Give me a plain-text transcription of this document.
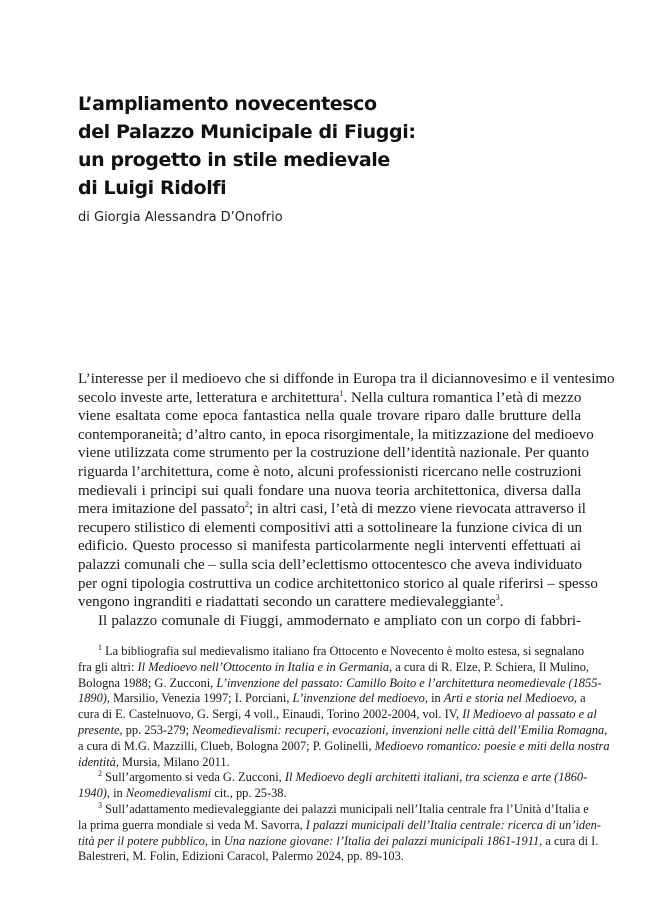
L’ampliamento novecentesco
del Palazzo Municipale di Fiuggi:
un progetto in stile medievale
di Luigi Ridolfi
di Giorgia Alessandra D’Onofrio
L’interesse per il medioevo che si diffonde in Europa tra il diciannovesimo e il ventesimo
secolo investe arte, letteratura e architettura$^1$. Nella cultura romantica l’età di mezzo
viene esaltata come epoca fantastica nella quale trovare riparo dalle brutture della
contemporaneità; d’altro canto, in epoca risorgimentale, la mitizzazione del medioevo
viene utilizzata come strumento per la costruzione dell’identità nazionale. Per quanto
riguarda l’architettura, come è noto, alcuni professionisti ricercano nelle costruzioni
medievali i principi sui quali fondare una nuova teoria architettonica, diversa dalla
mera imitazione del passato$^2$; in altri casi, l’età di mezzo viene rievocata attraverso il
recupero stilistico di elementi compositivi atti a sottolineare la funzione civica di un
edificio. Questo processo si manifesta particolarmente negli interventi effettuati ai
palazzi comunali che – sulla scia dell’eclettismo ottocentesco che aveva individuato
per ogni tipologia costruttiva un codice architettonico storico al quale riferirsi – spesso
vengono ingranditi e riadattati secondo un carattere medievaleggiante$^3$.
Il palazzo comunale di Fiuggi, ammodernato e ampliato con un corpo di fabbri-
$^1$ La bibliografia sul medievalismo italiano fra Ottocento e Novecento è molto estesa, si segnalano
fra gli altri: Il Medioevo nell’Ottocento in Italia e in Germania, a cura di R. Elze, P. Schiera, Il Mulino,
Bologna 1988; G. Zucconi, L’invenzione del passato: Camillo Boito e l’architettura neomedievale (1855-
1890), Marsilio, Venezia 1997; I. Porciani, L’invenzione del medioevo, in Arti e storia nel Medioevo, a
cura di E. Castelnuovo, G. Sergi, 4 voll., Einaudi, Torino 2002-2004, vol. IV, Il Medioevo al passato e al
presente, pp. 253-279; Neomedievalismi: recuperi, evocazioni, invenzioni nelle città dell’Emilia Romagna,
a cura di M.G. Mazzilli, Clueb, Bologna 2007; P. Golinelli, Medioevo romantico: poesie e miti della nostra
identità, Mursia, Milano 2011.
$^2$ Sull’argomento si veda G. Zucconi, Il Medioevo degli architetti italiani, tra scienza e arte (1860-
1940), in Neomedievalismi cit., pp. 25-38.
$^3$ Sull’adattamento medievaleggiante dei palazzi municipali nell’Italia centrale fra l’Unità d’Italia e
la prima guerra mondiale si veda M. Savorra, I palazzi municipali dell’Italia centrale: ricerca di un’iden-
tità per il potere pubblico, in Una nazione giovane: l’Italia dei palazzi municipali 1861-1911, a cura di I.
Balestreri, M. Folin, Edizioni Caracol, Palermo 2024, pp. 89-103.
